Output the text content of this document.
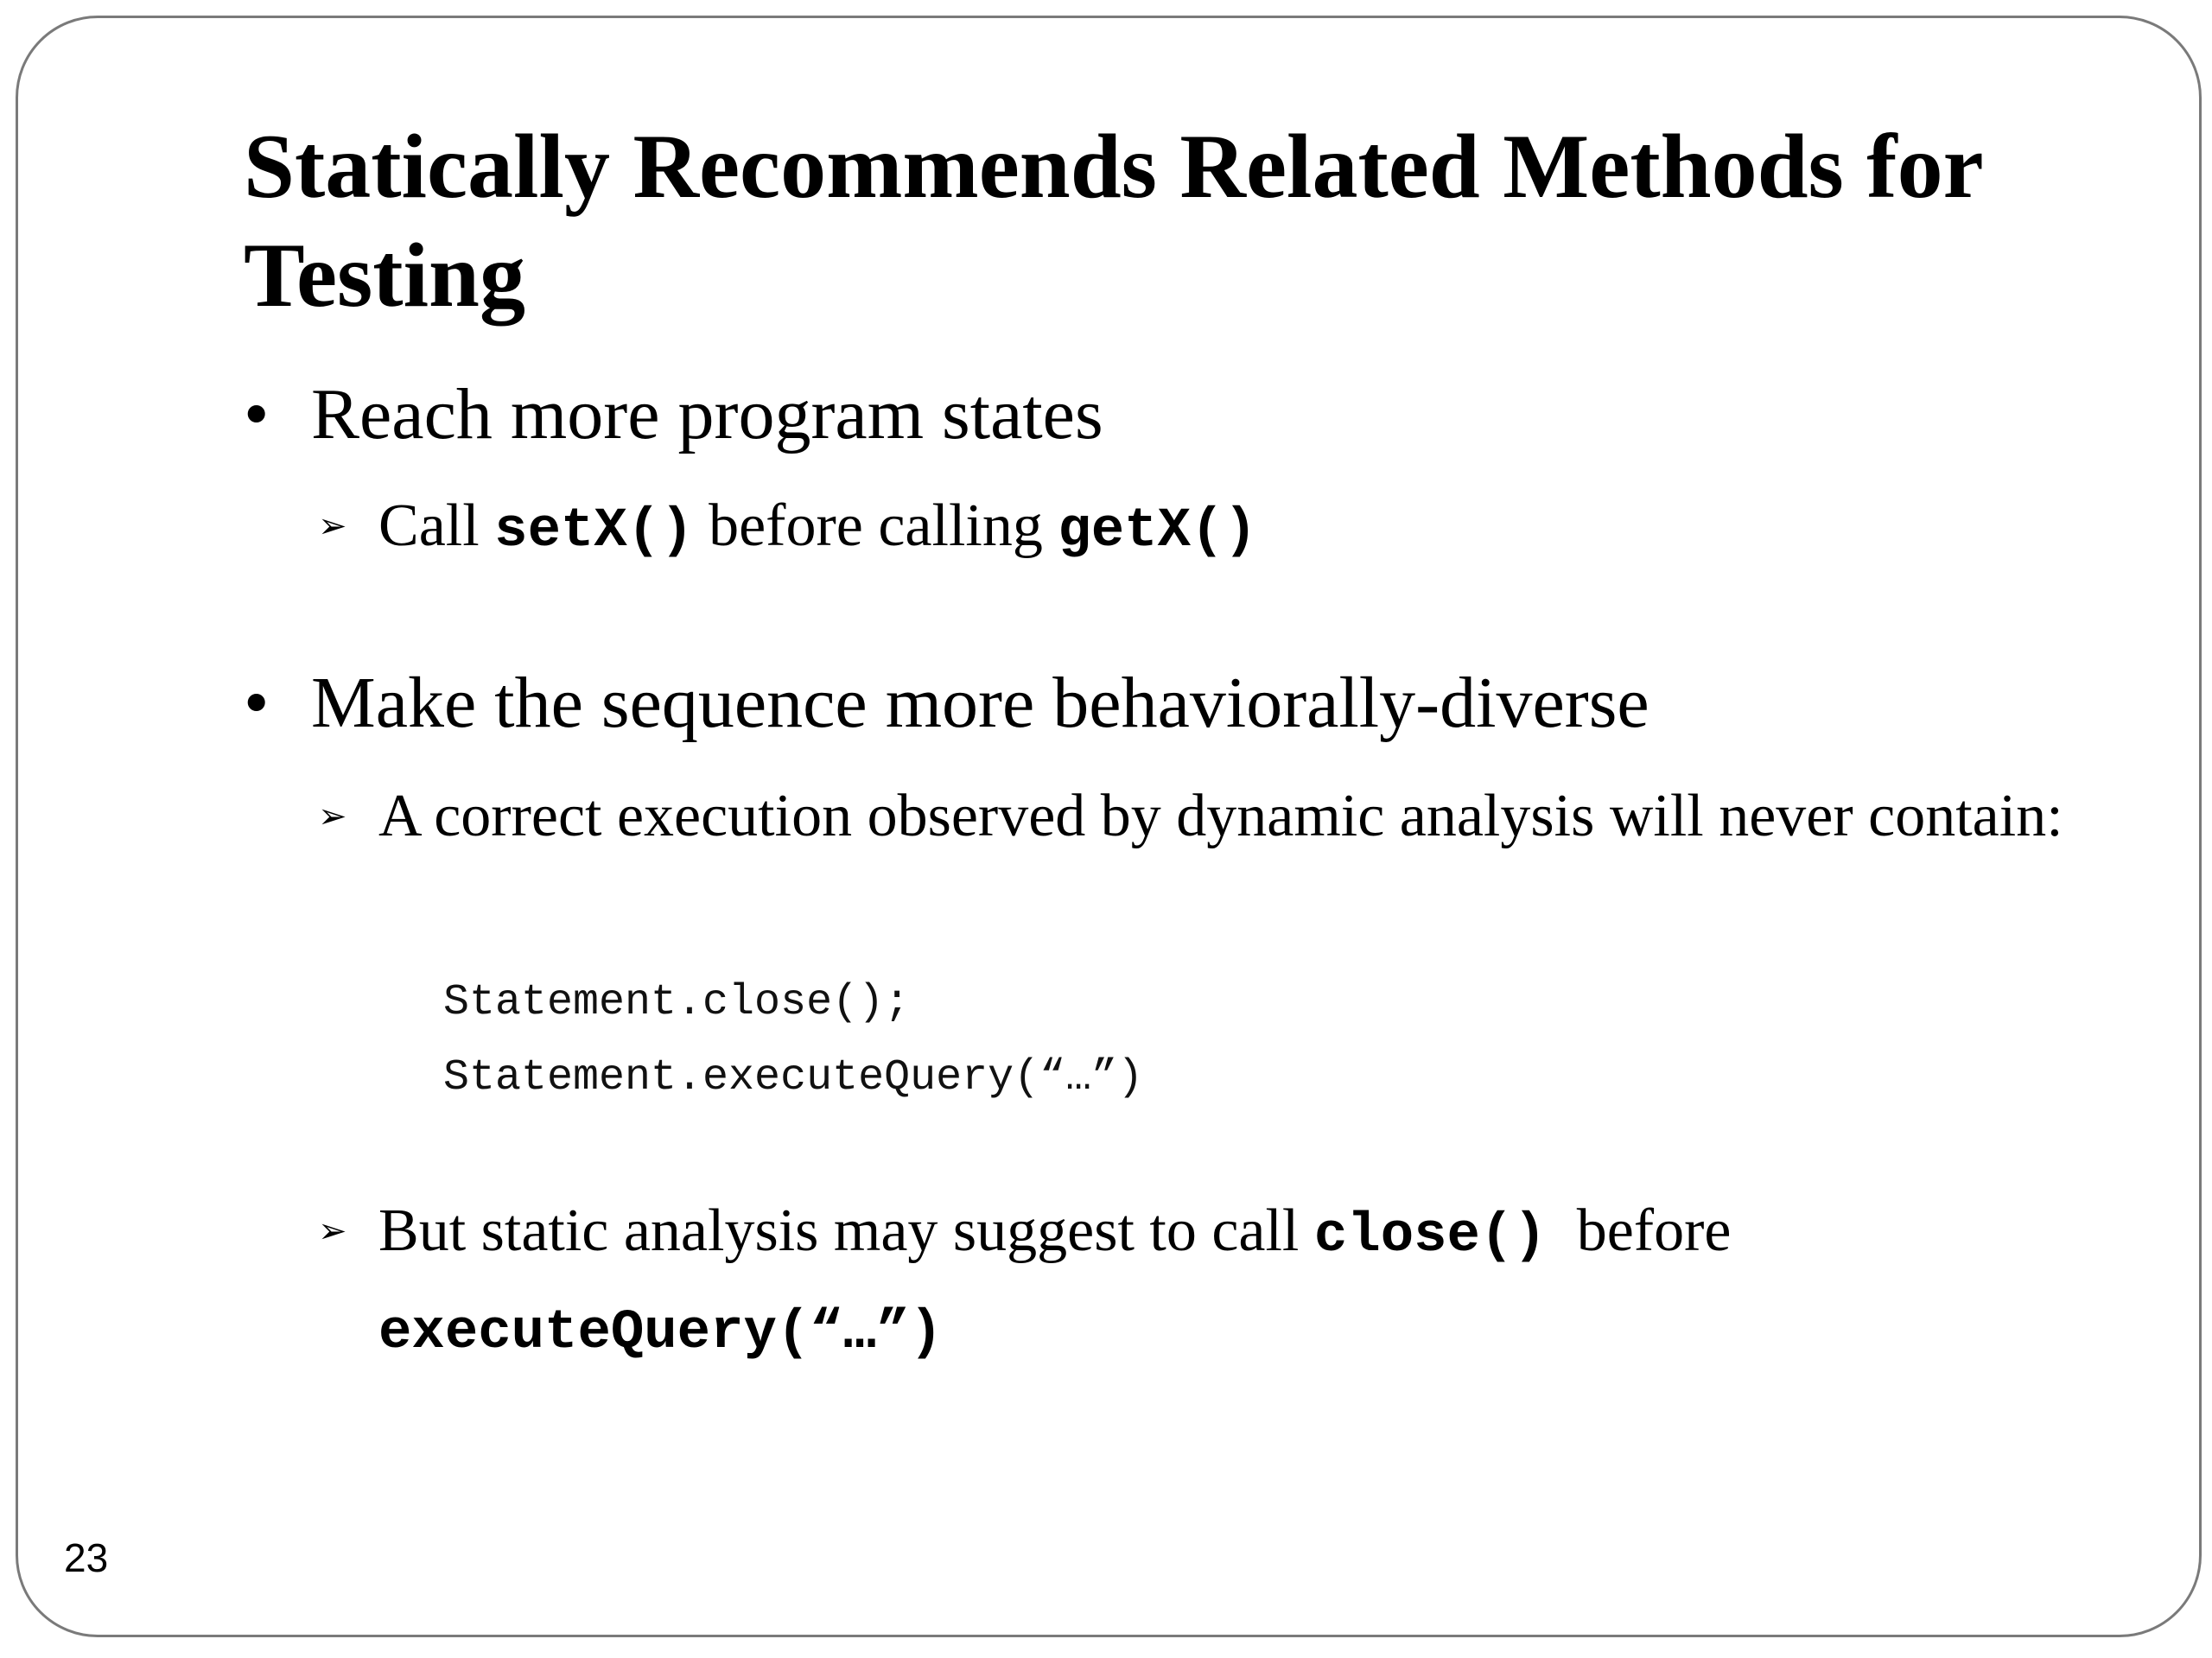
Statically Recommends Related Methods for Testing
• Reach more program states
➢ Call setX() before calling getX()
• Make the sequence more behaviorally-diverse
➢ A correct execution observed by dynamic analysis will never contain:
Statement.close();
Statement.executeQuery(“…”)
➢ But static analysis may suggest to call close()  before
executeQuery(“…”)
23
